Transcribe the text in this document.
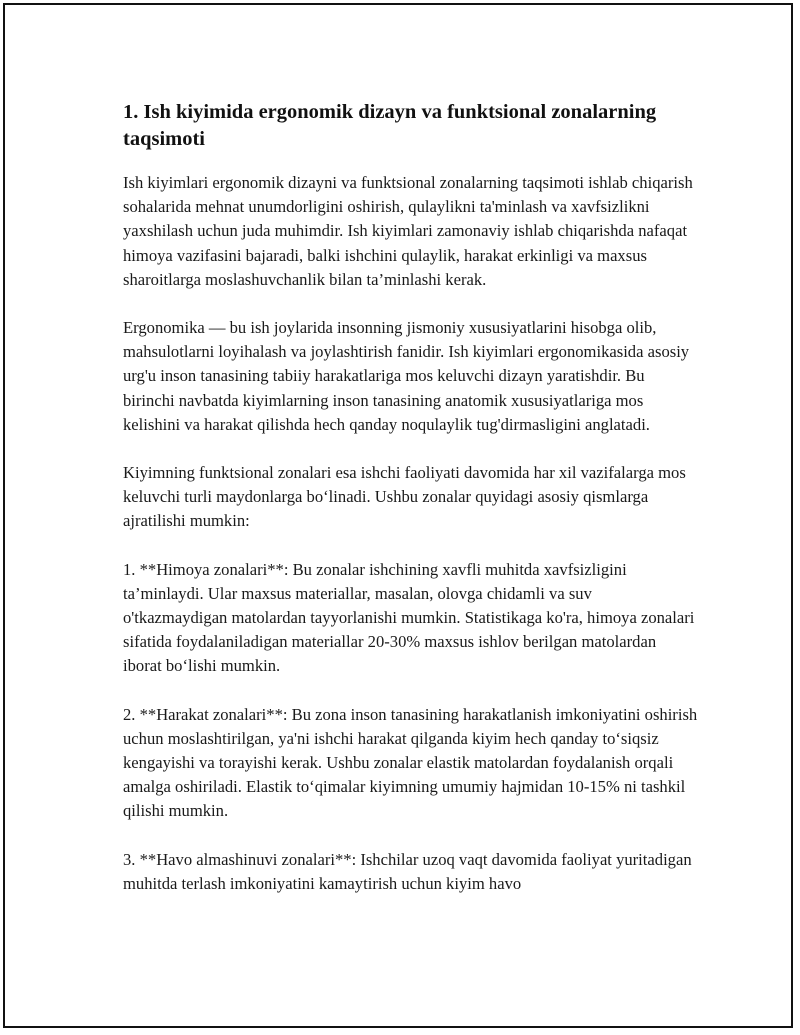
1. Ish kiyimida ergonomik dizayn va funktsional zonalarning taqsimoti

Ish kiyimlari ergonomik dizayni va funktsional zonalarning taqsimoti ishlab chiqarish sohalarida mehnat unumdorligini oshirish, qulaylikni ta'minlash va xavfsizlikni yaxshilash uchun juda muhimdir. Ish kiyimlari zamonaviy ishlab chiqarishda nafaqat himoya vazifasini bajaradi, balki ishchini qulaylik, harakat erkinligi va maxsus sharoitlarga moslashuvchanlik bilan ta’minlashi kerak.

Ergonomika — bu ish joylarida insonning jismoniy xususiyatlarini hisobga olib, mahsulotlarni loyihalash va joylashtirish fanidir. Ish kiyimlari ergonomikasida asosiy urg'u inson tanasining tabiiy harakatlariga mos keluvchi dizayn yaratishdir. Bu birinchi navbatda kiyimlarning inson tanasining anatomik xususiyatlariga mos kelishini va harakat qilishda hech qanday noqulaylik tug'dirmasligini anglatadi.

Kiyimning funktsional zonalari esa ishchi faoliyati davomida har xil vazifalarga mos keluvchi turli maydonlarga boʻlinadi. Ushbu zonalar quyidagi asosiy qismlarga ajratilishi mumkin:

1. **Himoya zonalari**: Bu zonalar ishchining xavfli muhitda xavfsizligini ta’minlaydi. Ular maxsus materiallar, masalan, olovga chidamli va suv o'tkazmaydigan matolardan tayyorlanishi mumkin. Statistikaga ko'ra, himoya zonalari sifatida foydalaniladigan materiallar 20-30% maxsus ishlov berilgan matolardan iborat boʻlishi mumkin.

2. **Harakat zonalari**: Bu zona inson tanasining harakatlanish imkoniyatini oshirish uchun moslashtirilgan, ya'ni ishchi harakat qilganda kiyim hech qanday toʻsiqsiz kengayishi va torayishi kerak. Ushbu zonalar elastik matolardan foydalanish orqali amalga oshiriladi. Elastik toʻqimalar kiyimning umumiy hajmidan 10-15% ni tashkil qilishi mumkin.

3. **Havo almashinuvi zonalari**: Ishchilar uzoq vaqt davomida faoliyat yuritadigan muhitda terlash imkoniyatini kamaytirish uchun kiyim havo
